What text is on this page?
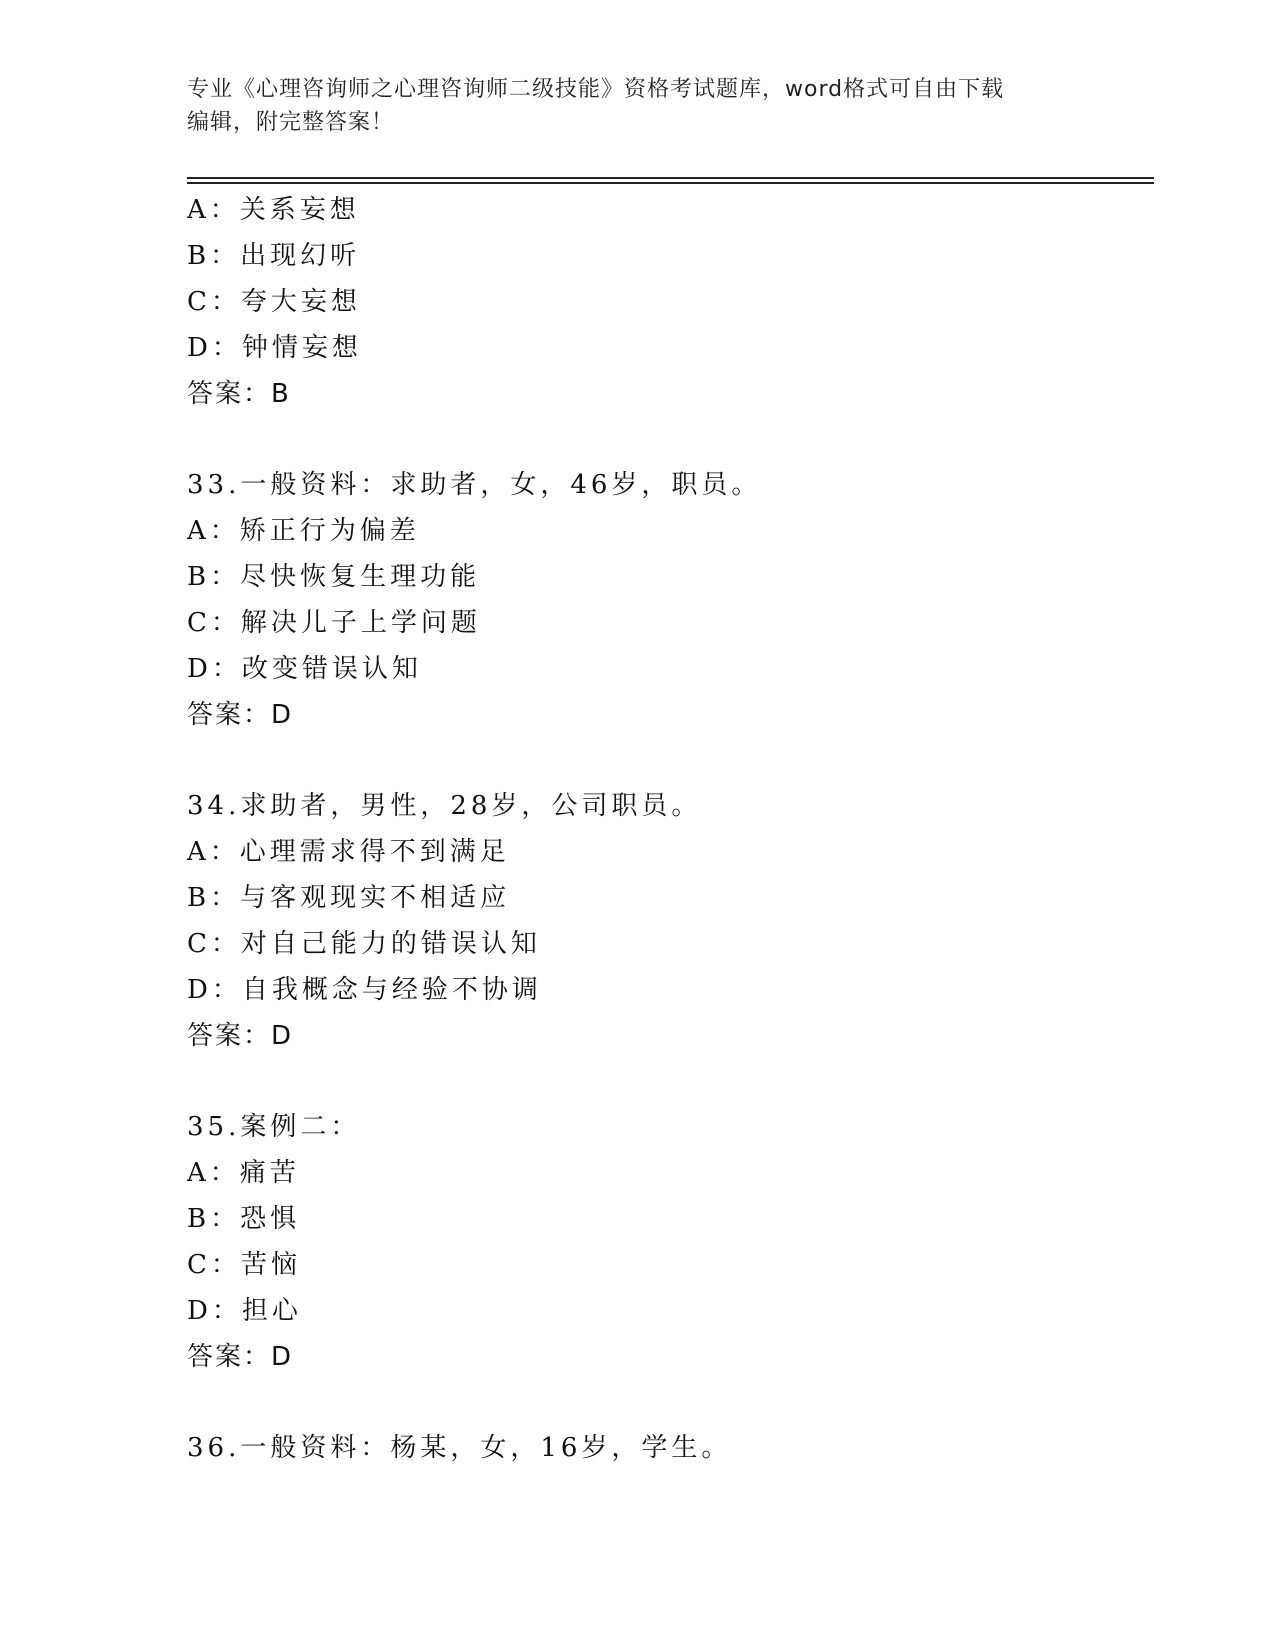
专业《心理咨询师之心理咨询师二级技能》资格考试题库，word格式可自由下载
编辑，附完整答案！
A：关系妄想
B：出现幻听
C：夸大妄想
D：钟情妄想
答案：B
33.一般资料：求助者，女，46岁，职员。
A：矫正行为偏差
B：尽快恢复生理功能
C：解决儿子上学问题
D：改变错误认知
答案：D
34.求助者，男性，28岁，公司职员。
A：心理需求得不到满足
B：与客观现实不相适应
C：对自己能力的错误认知
D：自我概念与经验不协调
答案：D
35.案例二：
A：痛苦
B：恐惧
C：苦恼
D：担心
答案：D
36.一般资料：杨某，女，16岁，学生。
